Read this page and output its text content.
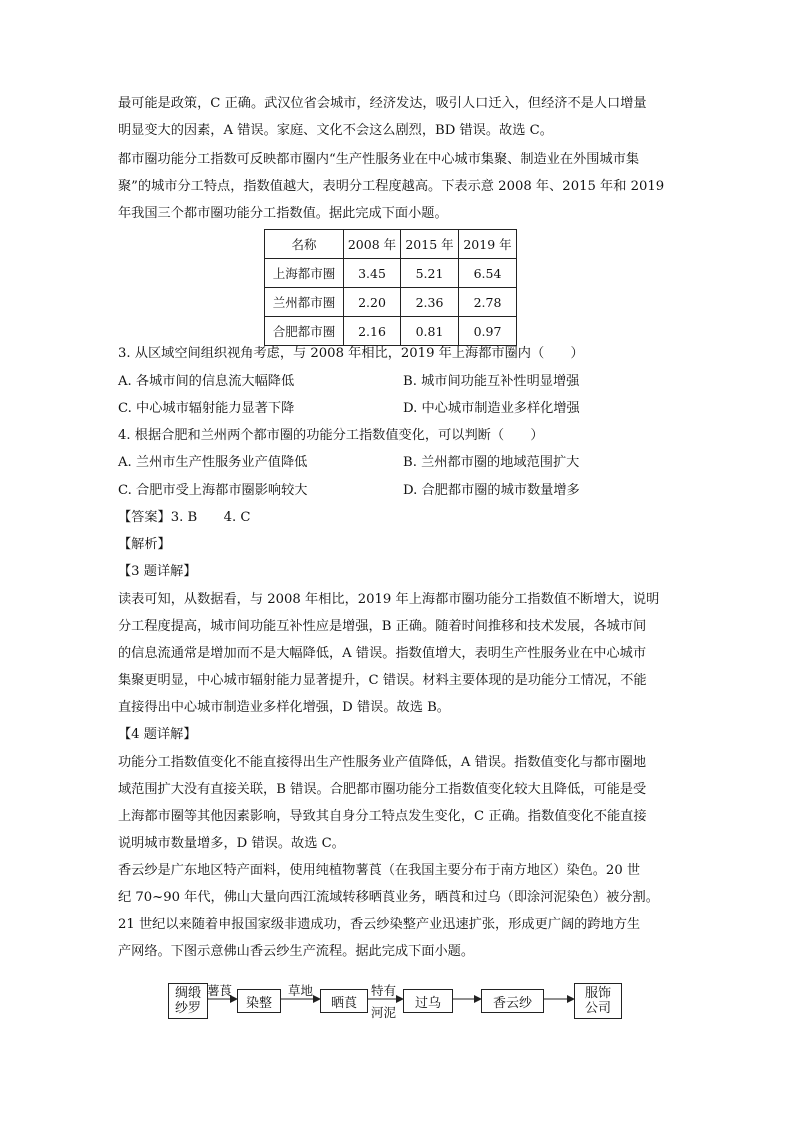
最可能是政策，C 正确。武汉位省会城市，经济发达，吸引人口迁入，但经济不是人口增量
明显变大的因素，A 错误。家庭、文化不会这么剧烈，BD 错误。故选 C。
都市圈功能分工指数可反映都市圈内“生产性服务业在中心城市集聚、制造业在外围城市集
聚”的城市分工特点，指数值越大，表明分工程度越高。下表示意 2008 年、2015 年和 2019
年我国三个都市圈功能分工指数值。据此完成下面小题。
名称	2008 年	2015 年	2019 年
上海都市圈	3.45	5.21	6.54
兰州都市圈	2.20	2.36	2.78
合肥都市圈	2.16	0.81	0.97
3. 从区域空间组织视角考虑，与 2008 年相比，2019 年上海都市圈内（　　）
A. 各城市间的信息流大幅降低	B. 城市间功能互补性明显增强
C. 中心城市辐射能力显著下降	D. 中心城市制造业多样化增强
4. 根据合肥和兰州两个都市圈的功能分工指数值变化，可以判断（　　）
A. 兰州市生产性服务业产值降低	B. 兰州都市圈的地域范围扩大
C. 合肥市受上海都市圈影响较大	D. 合肥都市圈的城市数量增多
【答案】3. B　　4. C
【解析】
【3 题详解】
读表可知，从数据看，与 2008 年相比，2019 年上海都市圈功能分工指数值不断增大，说明
分工程度提高，城市间功能互补性应是增强，B 正确。随着时间推移和技术发展，各城市间
的信息流通常是增加而不是大幅降低，A 错误。指数值增大，表明生产性服务业在中心城市
集聚更明显，中心城市辐射能力显著提升，C 错误。材料主要体现的是功能分工情况，不能
直接得出中心城市制造业多样化增强，D 错误。故选 B。
【4 题详解】
功能分工指数值变化不能直接得出生产性服务业产值降低，A 错误。指数值变化与都市圈地
域范围扩大没有直接关联，B 错误。合肥都市圈功能分工指数值变化较大且降低，可能是受
上海都市圈等其他因素影响，导致其自身分工特点发生变化，C 正确。指数值变化不能直接
说明城市数量增多，D 错误。故选 C。
香云纱是广东地区特产面料，使用纯植物薯莨（在我国主要分布于南方地区）染色。20 世
纪 70~90 年代，佛山大量向西江流域转移晒莨业务，晒莨和过乌（即涂河泥染色）被分割。
21 世纪以来随着申报国家级非遗成功，香云纱染整产业迅速扩张，形成更广阔的跨地方生
产网络。下图示意佛山香云纱生产流程。据此完成下面小题。
绸缎
纱罗
薯莨
染整
草地
晒莨
特有
河泥
过乌	香云纱
服饰
公司
